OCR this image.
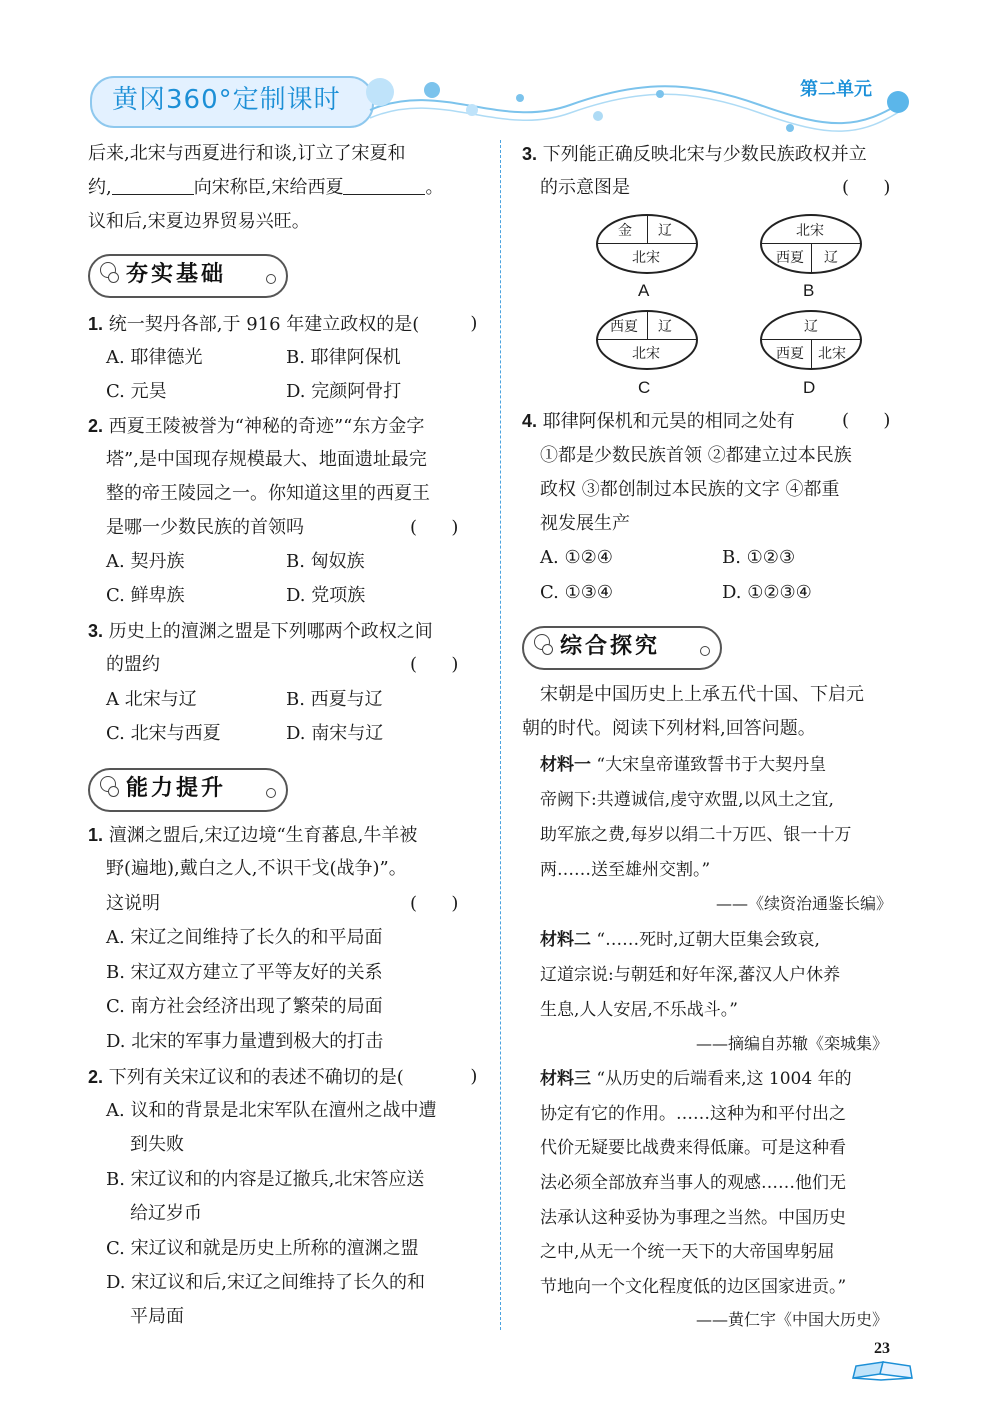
黄冈360°定制课时	第二单元
后来,北宋与西夏进行和谈,订立了宋夏和
约,	向宋称臣,宋给西夏	。
议和后,宋夏边界贸易兴旺。
夯实基础
1. 统一契丹各部,于 916 年建立政权的是( )
A. 耶律德光	B. 耶律阿保机
C. 元昊	D. 完颜阿骨打
2. 西夏王陵被誉为“神秘的奇迹”“东方金字
塔”,是中国现存规模最大、地面遗址最完
整的帝王陵园之一。你知道这里的西夏王
是哪一少数民族的首领吗	(      )
A. 契丹族	B. 匈奴族
C. 鲜卑族	D. 党项族
3. 历史上的澶渊之盟是下列哪两个政权之间
的盟约	(      )
A 北宋与辽	B. 西夏与辽
C. 北宋与西夏	D. 南宋与辽
能力提升
1. 澶渊之盟后,宋辽边境“生育蕃息,牛羊被
野(遍地),戴白之人,不识干戈(战争)”。
这说明	(      )
A. 宋辽之间维持了长久的和平局面
B. 宋辽双方建立了平等友好的关系
C. 南方社会经济出现了繁荣的局面
D. 北宋的军事力量遭到极大的打击
2. 下列有关宋辽议和的表述不确切的是( )
A. 议和的背景是北宋军队在澶州之战中遭
到失败
B. 宋辽议和的内容是辽撤兵,北宋答应送
给辽岁币
C. 宋辽议和就是历史上所称的澶渊之盟
D. 宋辽议和后,宋辽之间维持了长久的和
平局面
3. 下列能正确反映北宋与少数民族政权并立
的示意图是	(      )
金 辽
北宋
A
北宋
西夏 辽
B
西夏 辽
北宋
C
辽
西夏 北宋
D
4. 耶律阿保机和元昊的相同之处有	(      )
①都是少数民族首领 ②都建立过本民族
政权 ③都创制过本民族的文字 ④都重
视发展生产
A. ①②④	B. ①②③
C. ①③④	D. ①②③④
综合探究
宋朝是中国历史上上承五代十国、下启元
朝的时代。阅读下列材料,回答问题。
材料一 “大宋皇帝谨致誓书于大契丹皇
帝阙下:共遵诚信,虔守欢盟,以风土之宜,
助军旅之费,每岁以绢二十万匹、银一十万
两……送至雄州交割。”
——《续资治通鉴长编》
材料二 “……死时,辽朝大臣集会致哀,
辽道宗说:与朝廷和好年深,蕃汉人户休养
生息,人人安居,不乐战斗。”
——摘编自苏辙《栾城集》
材料三 “从历史的后端看来,这 1004 年的
协定有它的作用。……这种为和平付出之
代价无疑要比战费来得低廉。可是这种看
法必须全部放弃当事人的观感……他们无
法承认这种妥协为事理之当然。中国历史
之中,从无一个统一天下的大帝国卑躬屈
节地向一个文化程度低的边区国家进贡。”
——黄仁宇《中国大历史》
23
